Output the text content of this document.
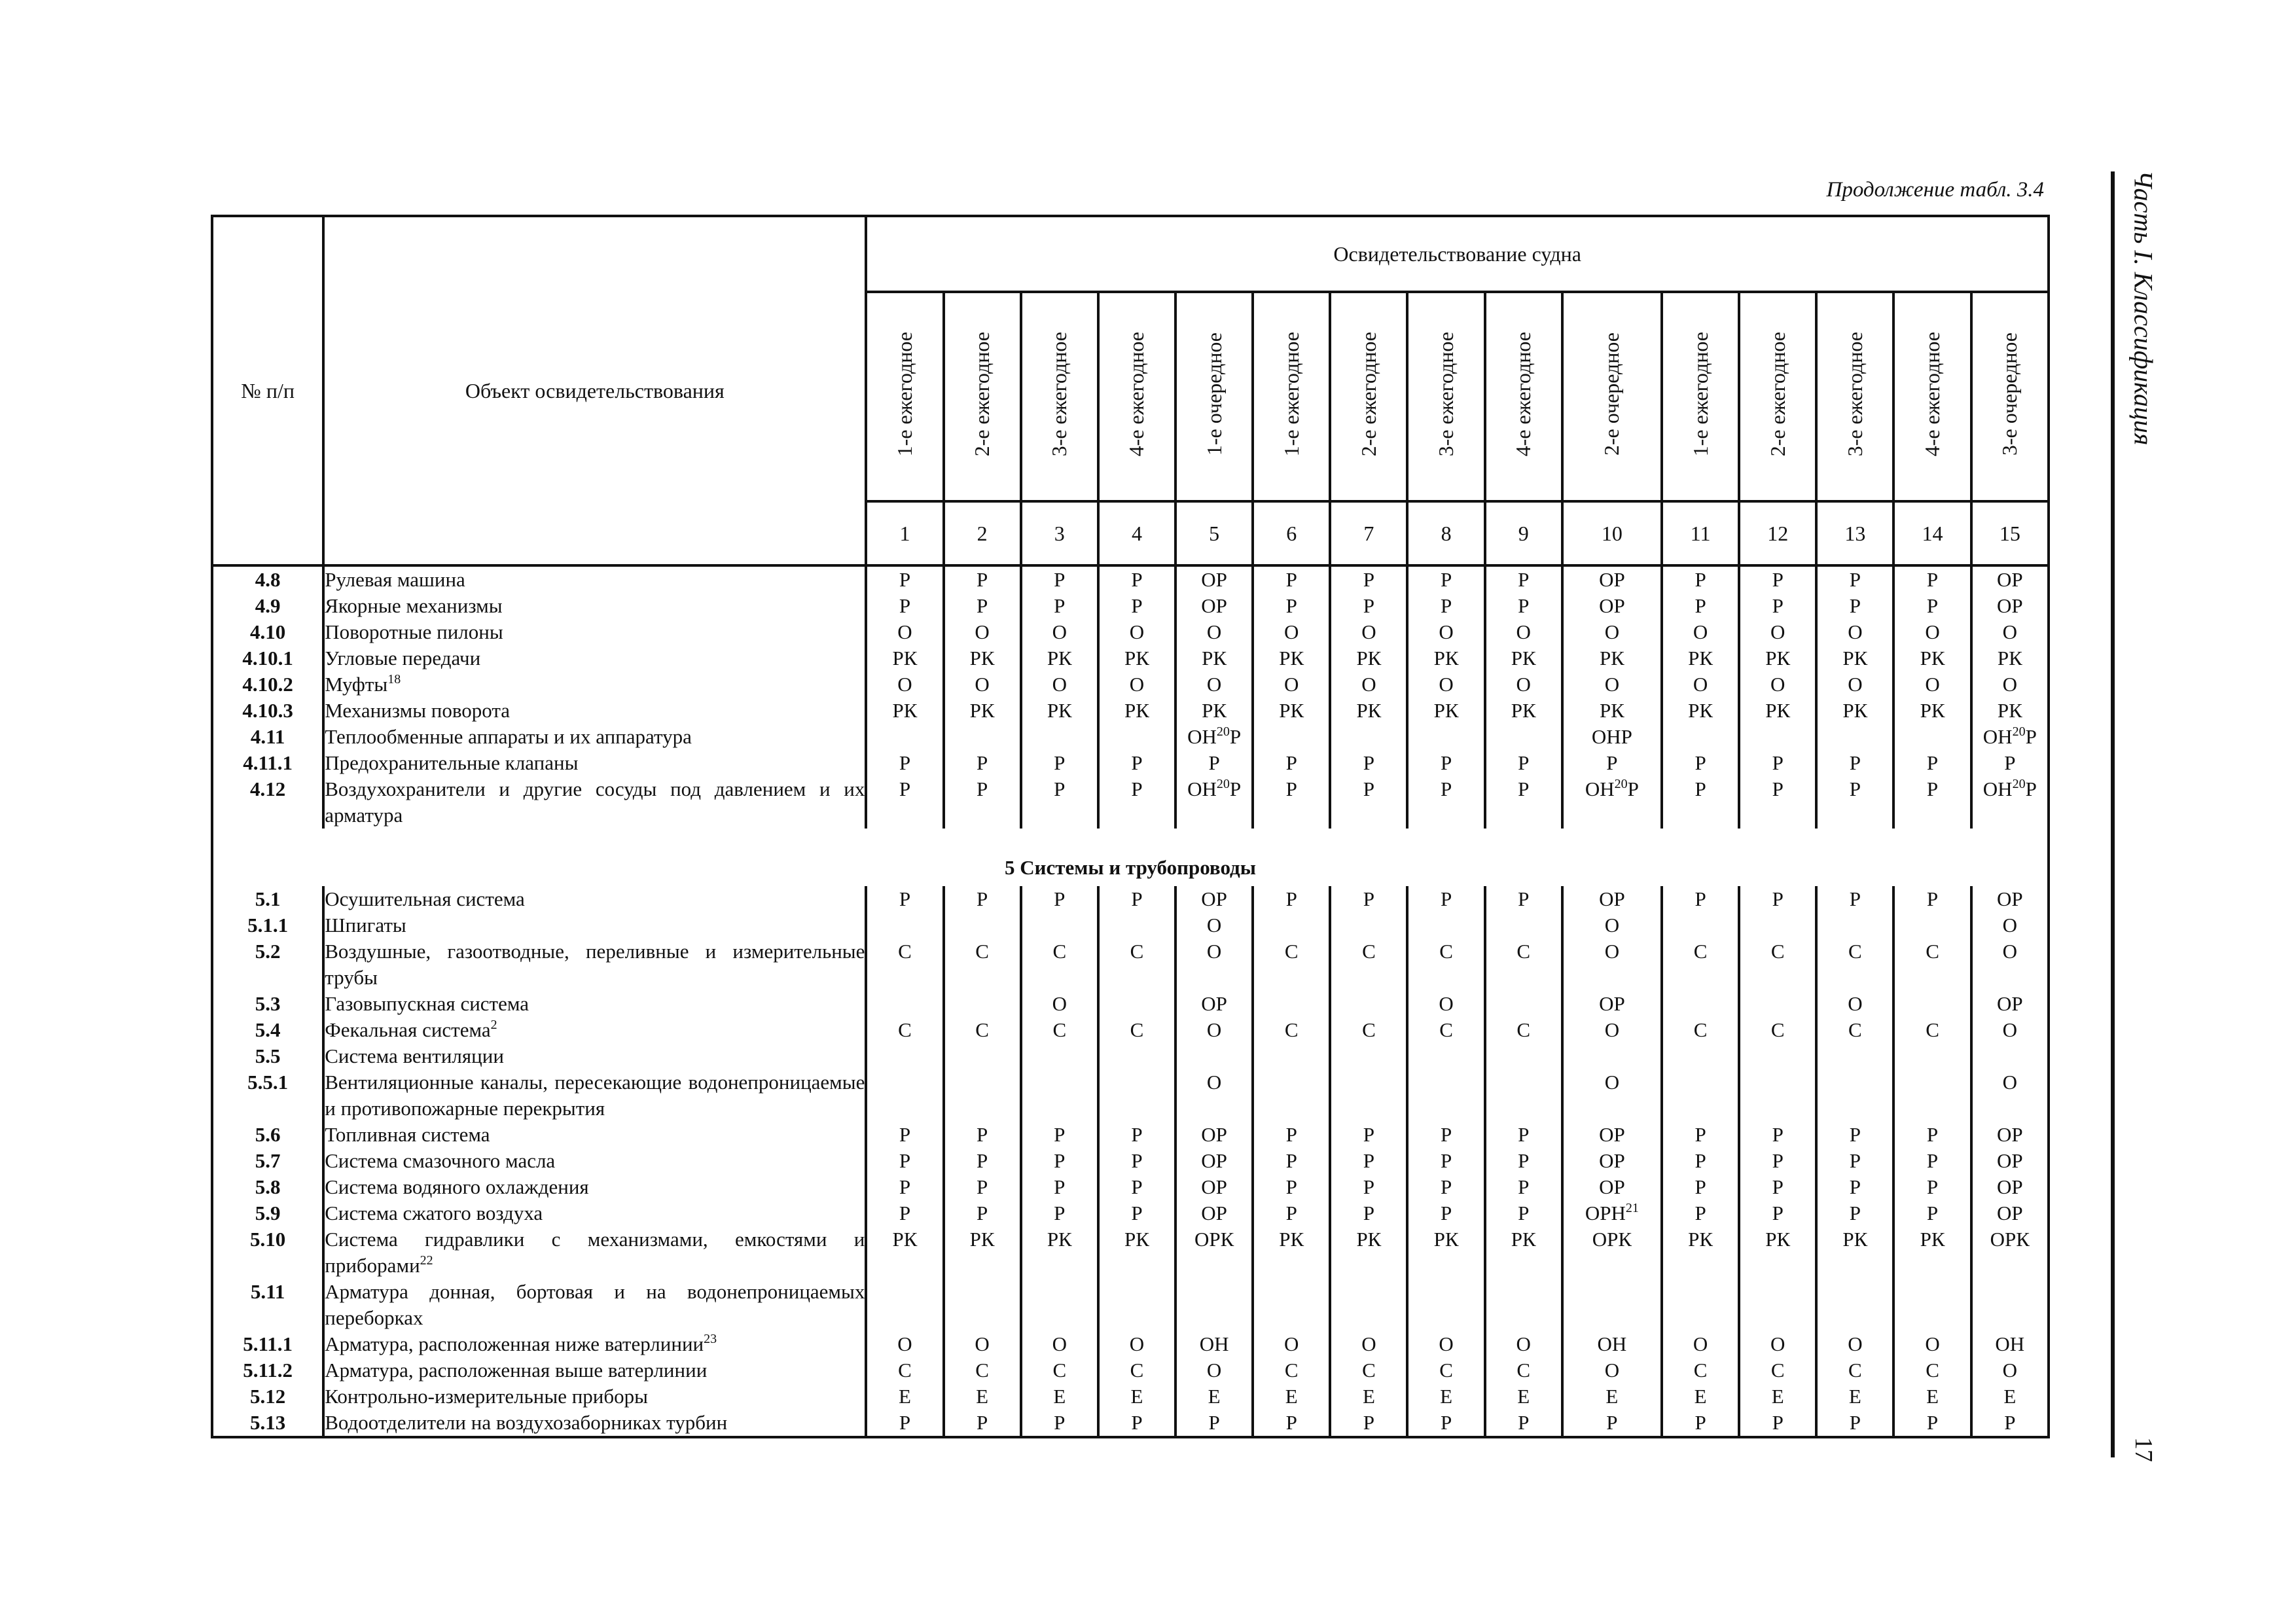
Продолжение табл. 3.4
№ п/п	Объект освидетельствования	Освидетельствование судна														
		1-е ежегодное	2-е ежегодное	3-е ежегодное	4-е ежегодное	1-е очередное	1-е ежегодное	2-е ежегодное	3-е ежегодное	4-е ежегодное	2-е очередное	1-е ежегодное	2-е ежегодное	3-е ежегодное	4-е ежегодное	3-е очередное
		1	2	3	4	5	6	7	8	9	10	11	12	13	14	15
4.8	Рулевая машина	Р	Р	Р	Р	ОР	Р	Р	Р	Р	ОР	Р	Р	Р	Р	ОР
4.9	Якорные механизмы	Р	Р	Р	Р	ОР	Р	Р	Р	Р	ОР	Р	Р	Р	Р	ОР
4.10	Поворотные пилоны	О	О	О	О	О	О	О	О	О	О	О	О	О	О	О
4.10.1	Угловые передачи	РК	РК	РК	РК	РК	РК	РК	РК	РК	РК	РК	РК	РК	РК	РК
4.10.2	Муфты$^{18}$	О	О	О	О	О	О	О	О	О	О	О	О	О	О	О
4.10.3	Механизмы поворота	РК	РК	РК	РК	РК	РК	РК	РК	РК	РК	РК	РК	РК	РК	РК
4.11	Теплообменные аппараты и их аппаратура					ОН$^{20}$Р					ОНР					ОН$^{20}$Р
4.11.1	Предохранительные клапаны	Р	Р	Р	Р	Р	Р	Р	Р	Р	Р	Р	Р	Р	Р	Р
4.12	Воздухохранители и другие сосуды под давлением и их арматура	Р	Р	Р	Р	ОН$^{20}$Р	Р	Р	Р	Р	ОН$^{20}$Р	Р	Р	Р	Р	ОН$^{20}$Р

5 Системы и трубопроводы																
5.1	Осушительная система	Р	Р	Р	Р	ОР	Р	Р	Р	Р	ОР	Р	Р	Р	Р	ОР
5.1.1	Шпигаты					О					О					О
5.2	Воздушные, газоотводные, переливные и измерительные трубы	С	С	С	С	О	С	С	С	С	О	С	С	С	С	О
5.3	Газовыпускная система			О		ОР			О		ОР			О		ОР
5.4	Фекальная система$^2$	С	С	С	С	О	С	С	С	С	О	С	С	С	С	О
5.5	Система вентиляции															
5.5.1	Вентиляционные каналы, пересекающие водонепроницаемые и противопожарные перекрытия					О					О					О
5.6	Топливная система	Р	Р	Р	Р	ОР	Р	Р	Р	Р	ОР	Р	Р	Р	Р	ОР
5.7	Система смазочного масла	Р	Р	Р	Р	ОР	Р	Р	Р	Р	ОР	Р	Р	Р	Р	ОР
5.8	Система водяного охлаждения	Р	Р	Р	Р	ОР	Р	Р	Р	Р	ОР	Р	Р	Р	Р	ОР
5.9	Система сжатого воздуха	Р	Р	Р	Р	ОР	Р	Р	Р	Р	ОРН$^{21}$	Р	Р	Р	Р	ОР
5.10	Система гидравлики с механизмами, емкостями и приборами$^{22}$	РК	РК	РК	РК	ОРК	РК	РК	РК	РК	ОРК	РК	РК	РК	РК	ОРК
5.11	Арматура донная, бортовая и на водонепроницаемых переборках															
5.11.1	Арматура, расположенная ниже ватерлинии$^{23}$	О	О	О	О	ОН	О	О	О	О	ОН	О	О	О	О	ОН
5.11.2	Арматура, расположенная выше ватерлинии	С	С	С	С	О	С	С	С	С	О	С	С	С	С	О
5.12	Контрольно-измерительные приборы	Е	Е	Е	Е	Е	Е	Е	Е	Е	Е	Е	Е	Е	Е	Е
5.13	Водоотделители на воздухозаборниках турбин	Р	Р	Р	Р	Р	Р	Р	Р	Р	Р	Р	Р	Р	Р	Р
Часть I. Классификация
17
